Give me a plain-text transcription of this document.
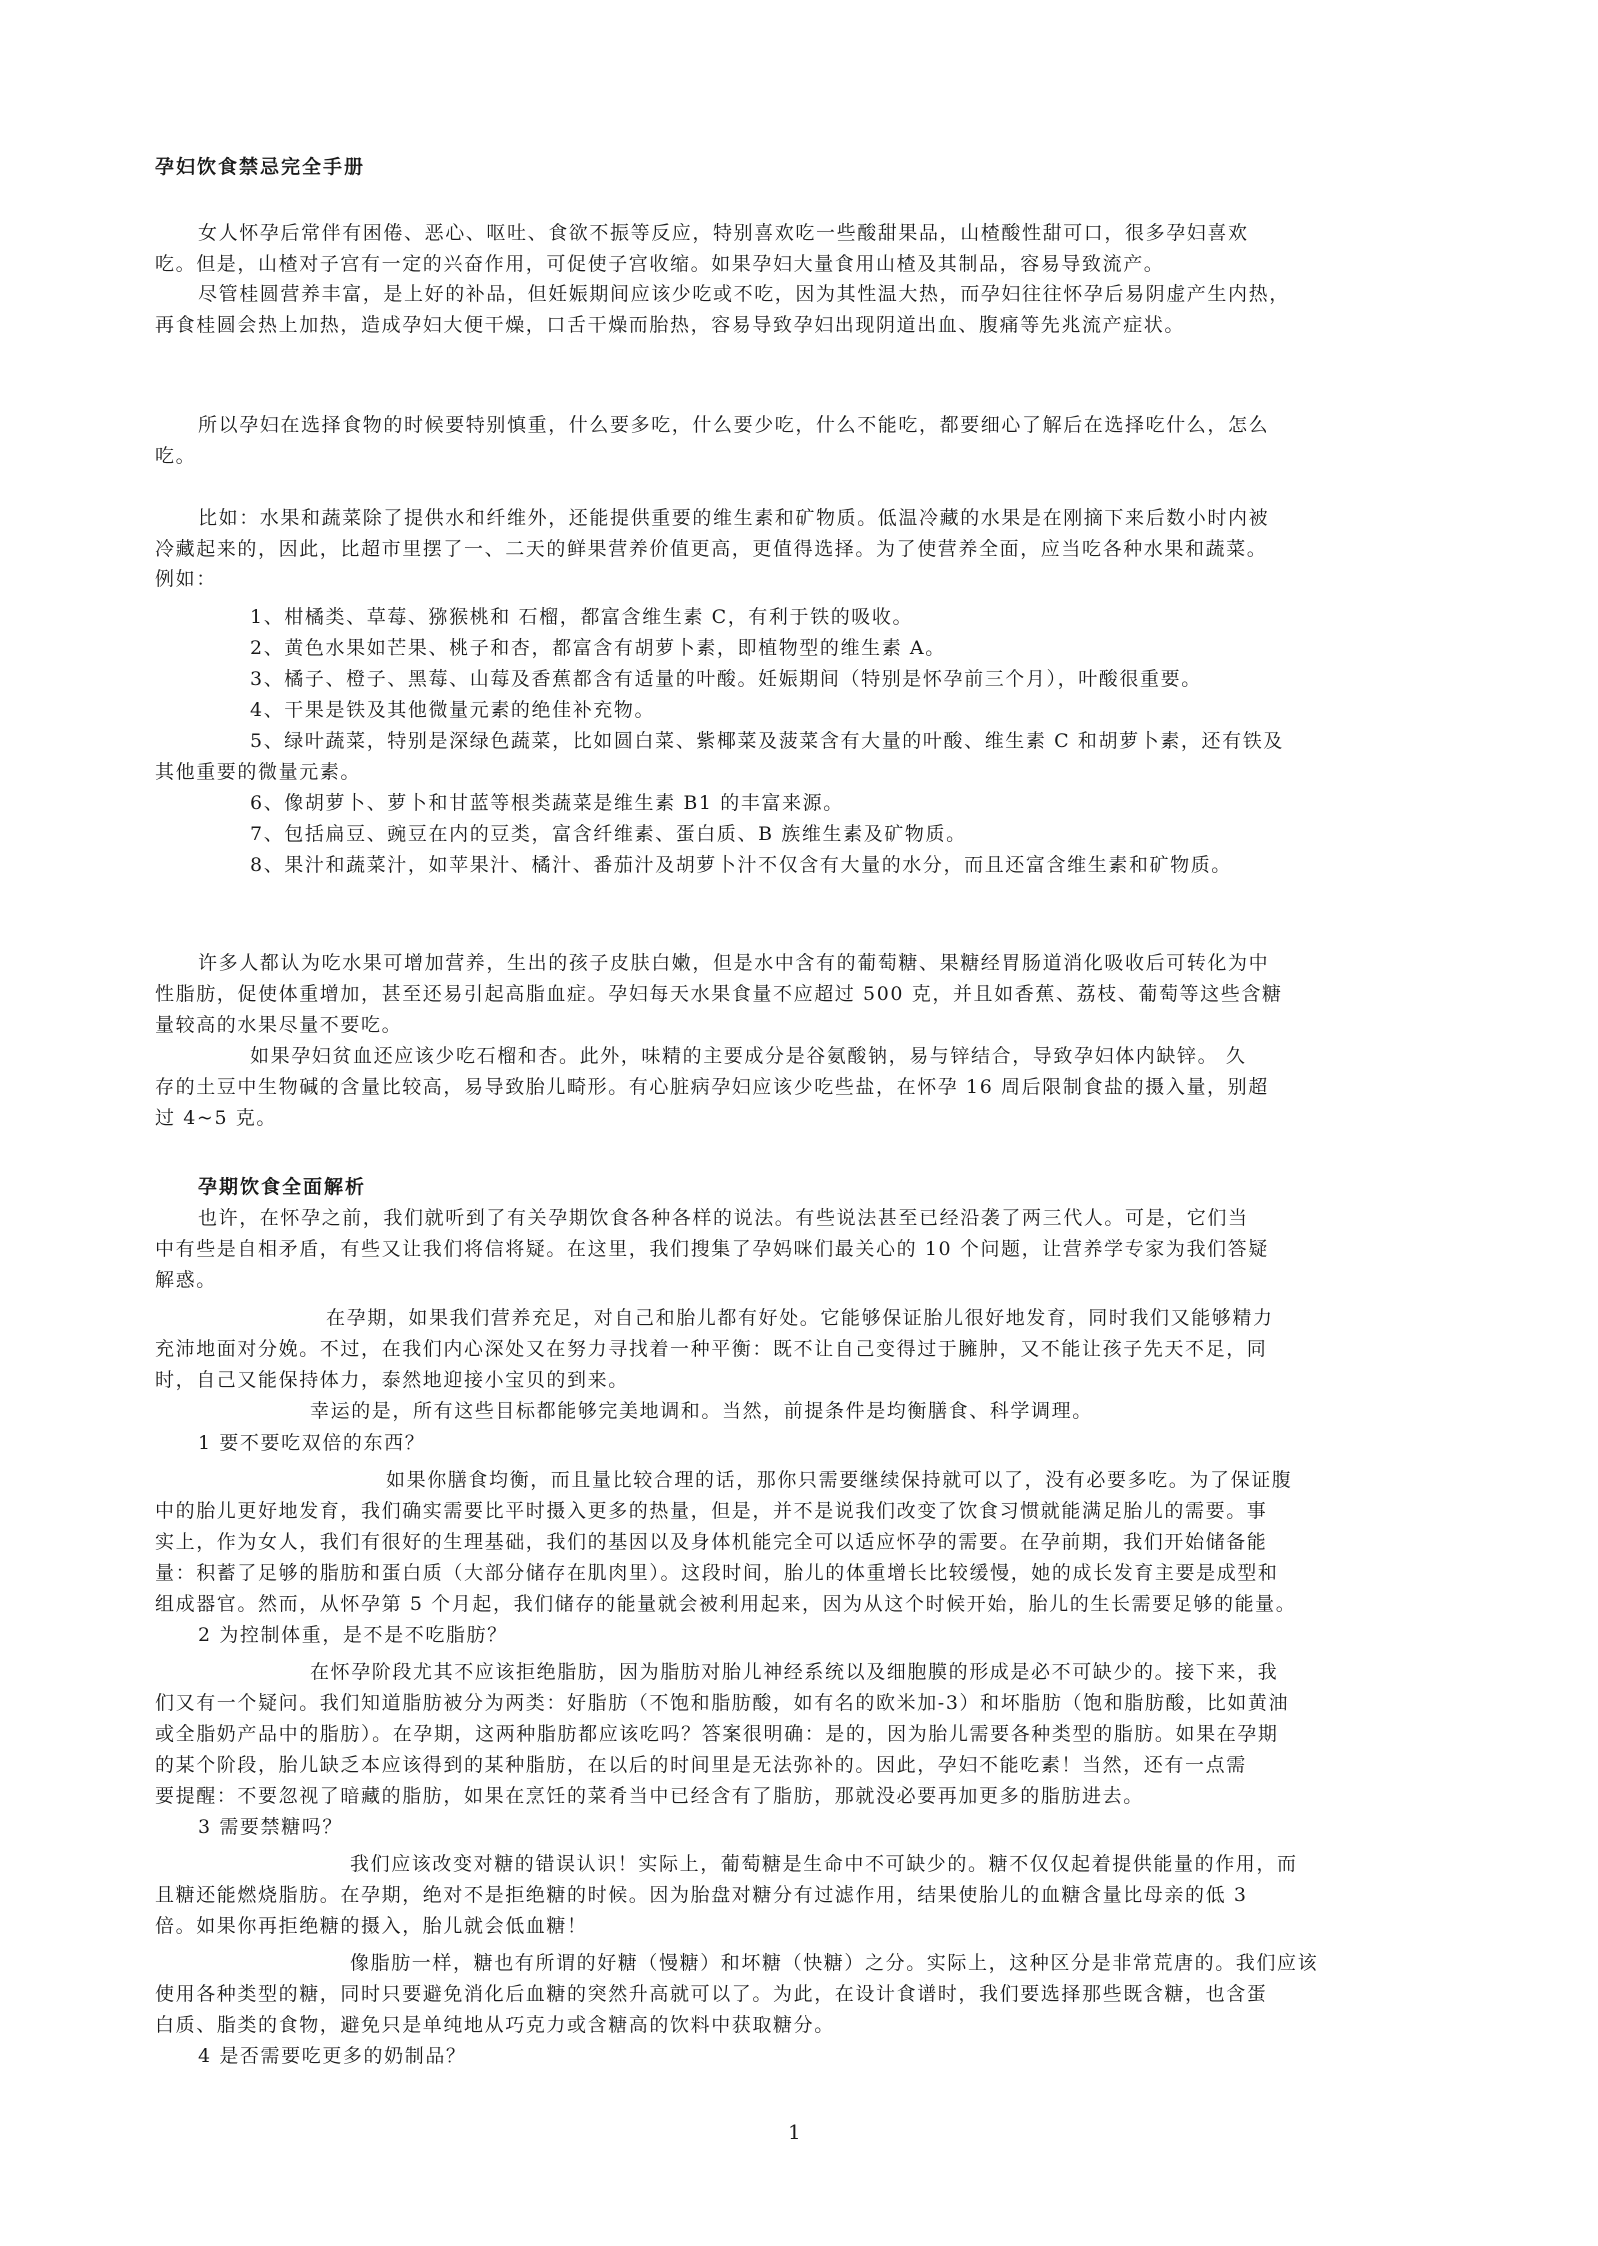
孕妇饮食禁忌完全手册
女人怀孕后常伴有困倦、恶心、呕吐、食欲不振等反应，特别喜欢吃一些酸甜果品，山楂酸性甜可口，很多孕妇喜欢
吃。但是，山楂对子宫有一定的兴奋作用，可促使子宫收缩。如果孕妇大量食用山楂及其制品，容易导致流产。
尽管桂圆营养丰富，是上好的补品，但妊娠期间应该少吃或不吃，因为其性温大热，而孕妇往往怀孕后易阴虚产生内热，
再食桂圆会热上加热，造成孕妇大便干燥，口舌干燥而胎热，容易导致孕妇出现阴道出血、腹痛等先兆流产症状。
所以孕妇在选择食物的时候要特别慎重，什么要多吃，什么要少吃，什么不能吃，都要细心了解后在选择吃什么，怎么
吃。
比如：水果和蔬菜除了提供水和纤维外，还能提供重要的维生素和矿物质。低温冷藏的水果是在刚摘下来后数小时内被
冷藏起来的，因此，比超市里摆了一、二天的鲜果营养价值更高，更值得选择。为了使营养全面，应当吃各种水果和蔬菜。
例如：
1、柑橘类、草莓、猕猴桃和 石榴，都富含维生素 C，有利于铁的吸收。
2、黄色水果如芒果、桃子和杏，都富含有胡萝卜素，即植物型的维生素 A。
3、橘子、橙子、黑莓、山莓及香蕉都含有适量的叶酸。妊娠期间（特别是怀孕前三个月），叶酸很重要。
4、干果是铁及其他微量元素的绝佳补充物。
5、绿叶蔬菜，特别是深绿色蔬菜，比如圆白菜、紫椰菜及菠菜含有大量的叶酸、维生素 C 和胡萝卜素，还有铁及
其他重要的微量元素。
6、像胡萝卜、萝卜和甘蓝等根类蔬菜是维生素 B1 的丰富来源。
7、包括扁豆、豌豆在内的豆类，富含纤维素、蛋白质、B 族维生素及矿物质。
8、果汁和蔬菜汁，如苹果汁、橘汁、番茄汁及胡萝卜汁不仅含有大量的水分，而且还富含维生素和矿物质。
许多人都认为吃水果可增加营养，生出的孩子皮肤白嫩，但是水中含有的葡萄糖、果糖经胃肠道消化吸收后可转化为中
性脂肪，促使体重增加，甚至还易引起高脂血症。孕妇每天水果食量不应超过 500 克，并且如香蕉、荔枝、葡萄等这些含糖
量较高的水果尽量不要吃。
如果孕妇贫血还应该少吃石榴和杏。此外，味精的主要成分是谷氨酸钠，易与锌结合，导致孕妇体内缺锌。 久
存的土豆中生物碱的含量比较高，易导致胎儿畸形。有心脏病孕妇应该少吃些盐，在怀孕 16 周后限制食盐的摄入量，别超
过 4~5 克。
孕期饮食全面解析
也许，在怀孕之前，我们就听到了有关孕期饮食各种各样的说法。有些说法甚至已经沿袭了两三代人。可是，它们当
中有些是自相矛盾，有些又让我们将信将疑。在这里，我们搜集了孕妈咪们最关心的 10 个问题，让营养学专家为我们答疑
解惑。
在孕期，如果我们营养充足，对自己和胎儿都有好处。它能够保证胎儿很好地发育，同时我们又能够精力
充沛地面对分娩。不过，在我们内心深处又在努力寻找着一种平衡：既不让自己变得过于臃肿，又不能让孩子先天不足，同
时，自己又能保持体力，泰然地迎接小宝贝的到来。
幸运的是，所有这些目标都能够完美地调和。当然，前提条件是均衡膳食、科学调理。
1 要不要吃双倍的东西？
如果你膳食均衡，而且量比较合理的话，那你只需要继续保持就可以了，没有必要多吃。为了保证腹
中的胎儿更好地发育，我们确实需要比平时摄入更多的热量，但是，并不是说我们改变了饮食习惯就能满足胎儿的需要。事
实上，作为女人，我们有很好的生理基础，我们的基因以及身体机能完全可以适应怀孕的需要。在孕前期，我们开始储备能
量：积蓄了足够的脂肪和蛋白质（大部分储存在肌肉里）。这段时间，胎儿的体重增长比较缓慢，她的成长发育主要是成型和
组成器官。然而，从怀孕第 5 个月起，我们储存的能量就会被利用起来，因为从这个时候开始，胎儿的生长需要足够的能量。
2 为控制体重，是不是不吃脂肪？
在怀孕阶段尤其不应该拒绝脂肪，因为脂肪对胎儿神经系统以及细胞膜的形成是必不可缺少的。接下来，我
们又有一个疑问。我们知道脂肪被分为两类：好脂肪（不饱和脂肪酸，如有名的欧米加-3）和坏脂肪（饱和脂肪酸，比如黄油
或全脂奶产品中的脂肪）。在孕期，这两种脂肪都应该吃吗？答案很明确：是的，因为胎儿需要各种类型的脂肪。如果在孕期
的某个阶段，胎儿缺乏本应该得到的某种脂肪，在以后的时间里是无法弥补的。因此，孕妇不能吃素！当然，还有一点需
要提醒：不要忽视了暗藏的脂肪，如果在烹饪的菜肴当中已经含有了脂肪，那就没必要再加更多的脂肪进去。
3 需要禁糖吗？
我们应该改变对糖的错误认识！实际上，葡萄糖是生命中不可缺少的。糖不仅仅起着提供能量的作用，而
且糖还能燃烧脂肪。在孕期，绝对不是拒绝糖的时候。因为胎盘对糖分有过滤作用，结果使胎儿的血糖含量比母亲的低 3
倍。如果你再拒绝糖的摄入，胎儿就会低血糖！
像脂肪一样，糖也有所谓的好糖（慢糖）和坏糖（快糖）之分。实际上，这种区分是非常荒唐的。我们应该
使用各种类型的糖，同时只要避免消化后血糖的突然升高就可以了。为此，在设计食谱时，我们要选择那些既含糖，也含蛋
白质、脂类的食物，避免只是单纯地从巧克力或含糖高的饮料中获取糖分。
4 是否需要吃更多的奶制品？
1
